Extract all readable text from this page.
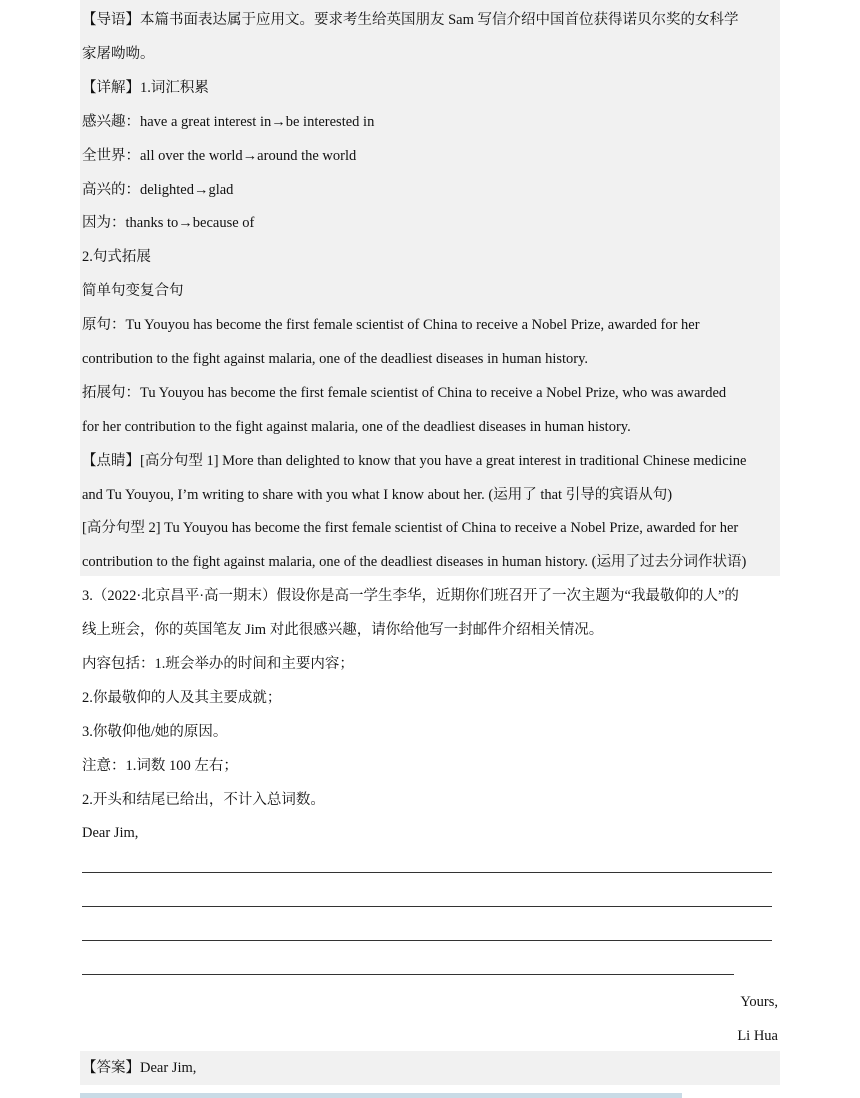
【导语】本篇书面表达属于应用文。要求考生给英国朋友 Sam 写信介绍中国首位获得诺贝尔奖的女科学
家屠呦呦。
【详解】1.词汇积累
感兴趣：have a great interest in→be interested in
全世界：all over the world→around the world
高兴的：delighted→glad
因为：thanks to→because of
2.句式拓展
简单句变复合句
原句：Tu Youyou has become the first female scientist of China to receive a Nobel Prize, awarded for her
contribution to the fight against malaria, one of the deadliest diseases in human history.
拓展句：Tu Youyou has become the first female scientist of China to receive a Nobel Prize, who was awarded
for her contribution to the fight against malaria, one of the deadliest diseases in human history.
【点睛】[高分句型 1] More than delighted to know that you have a great interest in traditional Chinese medicine
and Tu Youyou, I’m writing to share with you what I know about her. (运用了 that 引导的宾语从句)
[高分句型 2] Tu Youyou has become the first female scientist of China to receive a Nobel Prize, awarded for her
contribution to the fight against malaria, one of the deadliest diseases in human history. (运用了过去分词作状语)
3.（2022·北京昌平·高一期末）假设你是高一学生李华，近期你们班召开了一次主题为“我最敬仰的人”的
线上班会，你的英国笔友 Jim 对此很感兴趣，请你给他写一封邮件介绍相关情况。
内容包括：1.班会举办的时间和主要内容；
2.你最敬仰的人及其主要成就；
3.你敬仰他/她的原因。
注意：1.词数 100 左右；
2.开头和结尾已给出，不计入总词数。
Dear Jim,
Yours,
Li Hua
【答案】Dear Jim,
